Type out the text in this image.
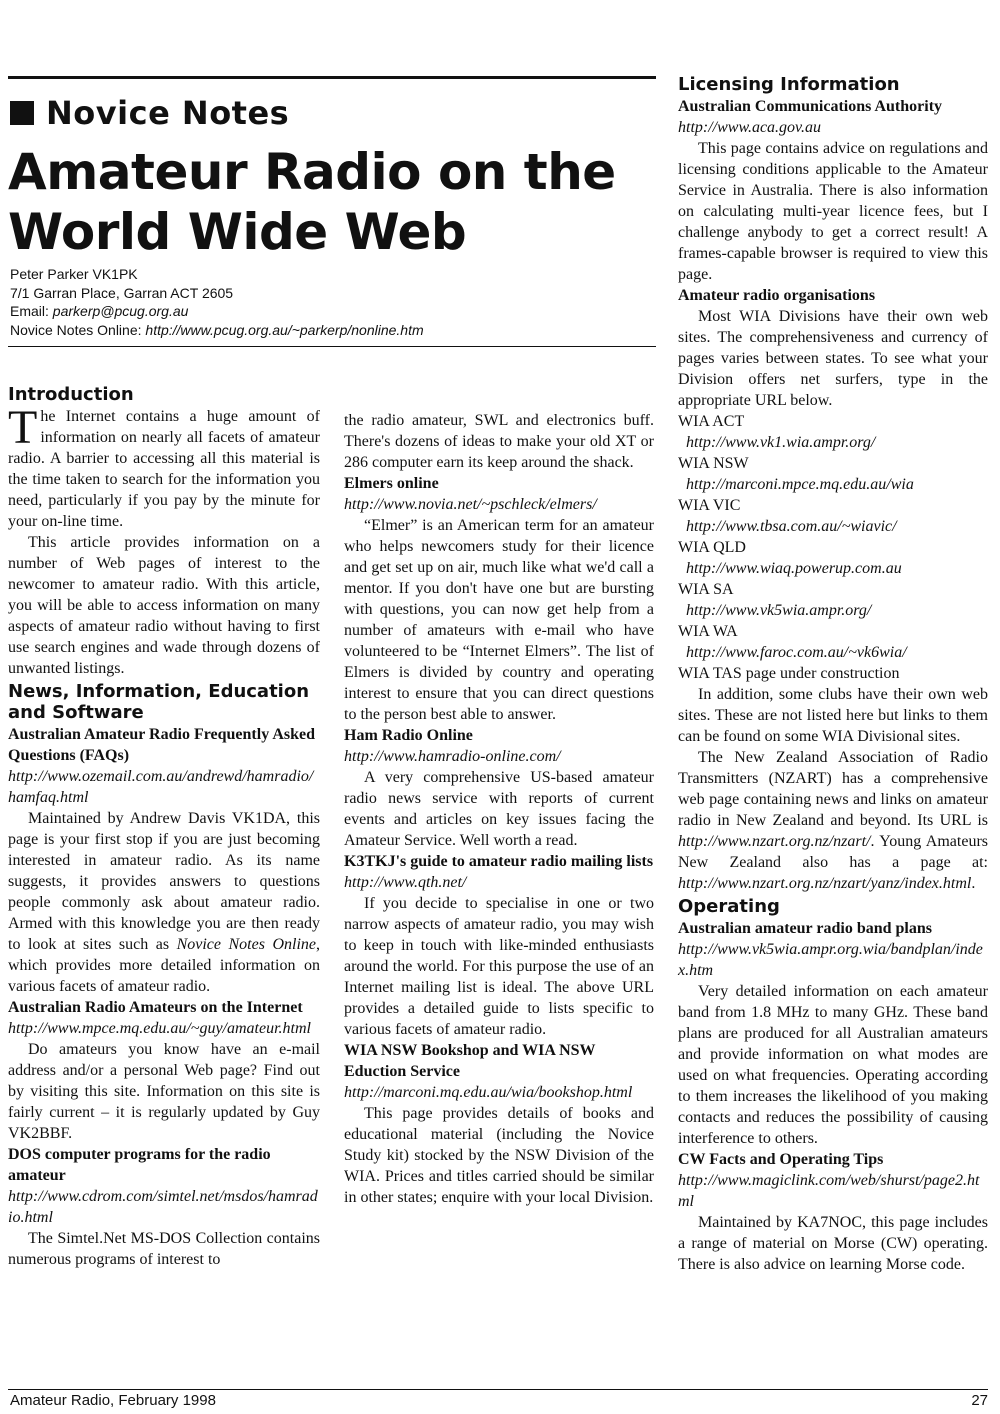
Novice Notes
Amateur Radio on the World Wide Web
Peter Parker VK1PK
7/1 Garran Place, Garran ACT 2605
Email: parkerp@pcug.org.au
Novice Notes Online: http://www.pcug.org.au/~parkerp/nonline.htm
Introduction

The Internet contains a huge amount of information on nearly all facets of amateur radio. A barrier to accessing all this material is the time taken to search for the information you need, particularly if you pay by the minute for your on-line time.

This article provides information on a number of Web pages of interest to the newcomer to amateur radio. With this article, you will be able to access information on many aspects of amateur radio without having to first use search engines and wade through dozens of unwanted listings.

News, Information, Education and Software
Australian Amateur Radio Frequently Asked Questions (FAQs)
http://www.ozemail.com.au/andrewd/hamradio/hamfaq.html

Maintained by Andrew Davis VK1DA, this page is your first stop if you are just becoming interested in amateur radio. As its name suggests, it provides answers to questions people commonly ask about amateur radio. Armed with this knowledge you are then ready to look at sites such as Novice Notes Online, which provides more detailed information on various facets of amateur radio.

Australian Radio Amateurs on the Internet
http://www.mpce.mq.edu.au/~guy/amateur.html

Do amateurs you know have an e-mail address and/or a personal Web page? Find out by visiting this site. Information on this site is fairly current – it is regularly updated by Guy VK2BBF.

DOS computer programs for the radio amateur
http://www.cdrom.com/simtel.net/msdos/hamradio.html

The Simtel.Net MS-DOS Collection contains numerous programs of interest to

the radio amateur, SWL and electronics buff. There's dozens of ideas to make your old XT or 286 computer earn its keep around the shack.

Elmers online
http://www.novia.net/~pschleck/elmers/

“Elmer” is an American term for an amateur who helps newcomers study for their licence and get set up on air, much like what we'd call a mentor. If you don't have one but are bursting with questions, you can now get help from a number of amateurs with e-mail who have volunteered to be “Internet Elmers”. The list of Elmers is divided by country and operating interest to ensure that you can direct questions to the person best able to answer.

Ham Radio Online
http://www.hamradio-online.com/

A very comprehensive US-based amateur radio news service with reports of current events and articles on key issues facing the Amateur Service. Well worth a read.

K3TKJ's guide to amateur radio mailing lists
http://www.qth.net/

If you decide to specialise in one or two narrow aspects of amateur radio, you may wish to keep in touch with like-minded enthusiasts around the world. For this purpose the use of an Internet mailing list is ideal. The above URL provides a detailed guide to lists specific to various facets of amateur radio.

WIA NSW Bookshop and WIA NSW Eduction Service
http://marconi.mq.edu.au/wia/bookshop.html

This page provides details of books and educational material (including the Novice Study kit) stocked by the NSW Division of the WIA. Prices and titles carried should be similar in other states; enquire with your local Division.

Licensing Information
Australian Communications Authority
http://www.aca.gov.au

This page contains advice on regulations and licensing conditions applicable to the Amateur Service in Australia. There is also information on calculating multi-year licence fees, but I challenge anybody to get a correct result! A frames-capable browser is required to view this page.

Amateur radio organisations

Most WIA Divisions have their own web sites. The comprehensiveness and currency of pages varies between states. To see what your Division offers net surfers, type in the appropriate URL below.

WIA ACT
http://www.vk1.wia.ampr.org/
WIA NSW
http://marconi.mpce.mq.edu.au/wia
WIA VIC
http://www.tbsa.com.au/~wiavic/
WIA QLD
http://www.wiaq.powerup.com.au
WIA SA
http://www.vk5wia.ampr.org/
WIA WA
http://www.faroc.com.au/~vk6wia/
WIA TAS page under construction

In addition, some clubs have their own web sites. These are not listed here but links to them can be found on some WIA Divisional sites.

The New Zealand Association of Radio Transmitters (NZART) has a comprehensive web page containing news and links on amateur radio in New Zealand and beyond. Its URL is http://www.nzart.org.nz/nzart/. Young Amateurs New Zealand also has a page at: http://www.nzart.org.nz/nzart/yanz/index.html.

Operating
Australian amateur radio band plans
http://www.vk5wia.ampr.org.wia/bandplan/index.htm

Very detailed information on each amateur band from 1.8 MHz to many GHz. These band plans are produced for all Australian amateurs and provide information on what modes are used on what frequencies. Operating according to them increases the likelihood of you making contacts and reduces the possibility of causing interference to others.

CW Facts and Operating Tips
http://www.magiclink.com/web/shurst/page2.html

Maintained by KA7NOC, this page includes a range of material on Morse (CW) operating. There is also advice on learning Morse code.

Amateur Radio, February 1998	27
